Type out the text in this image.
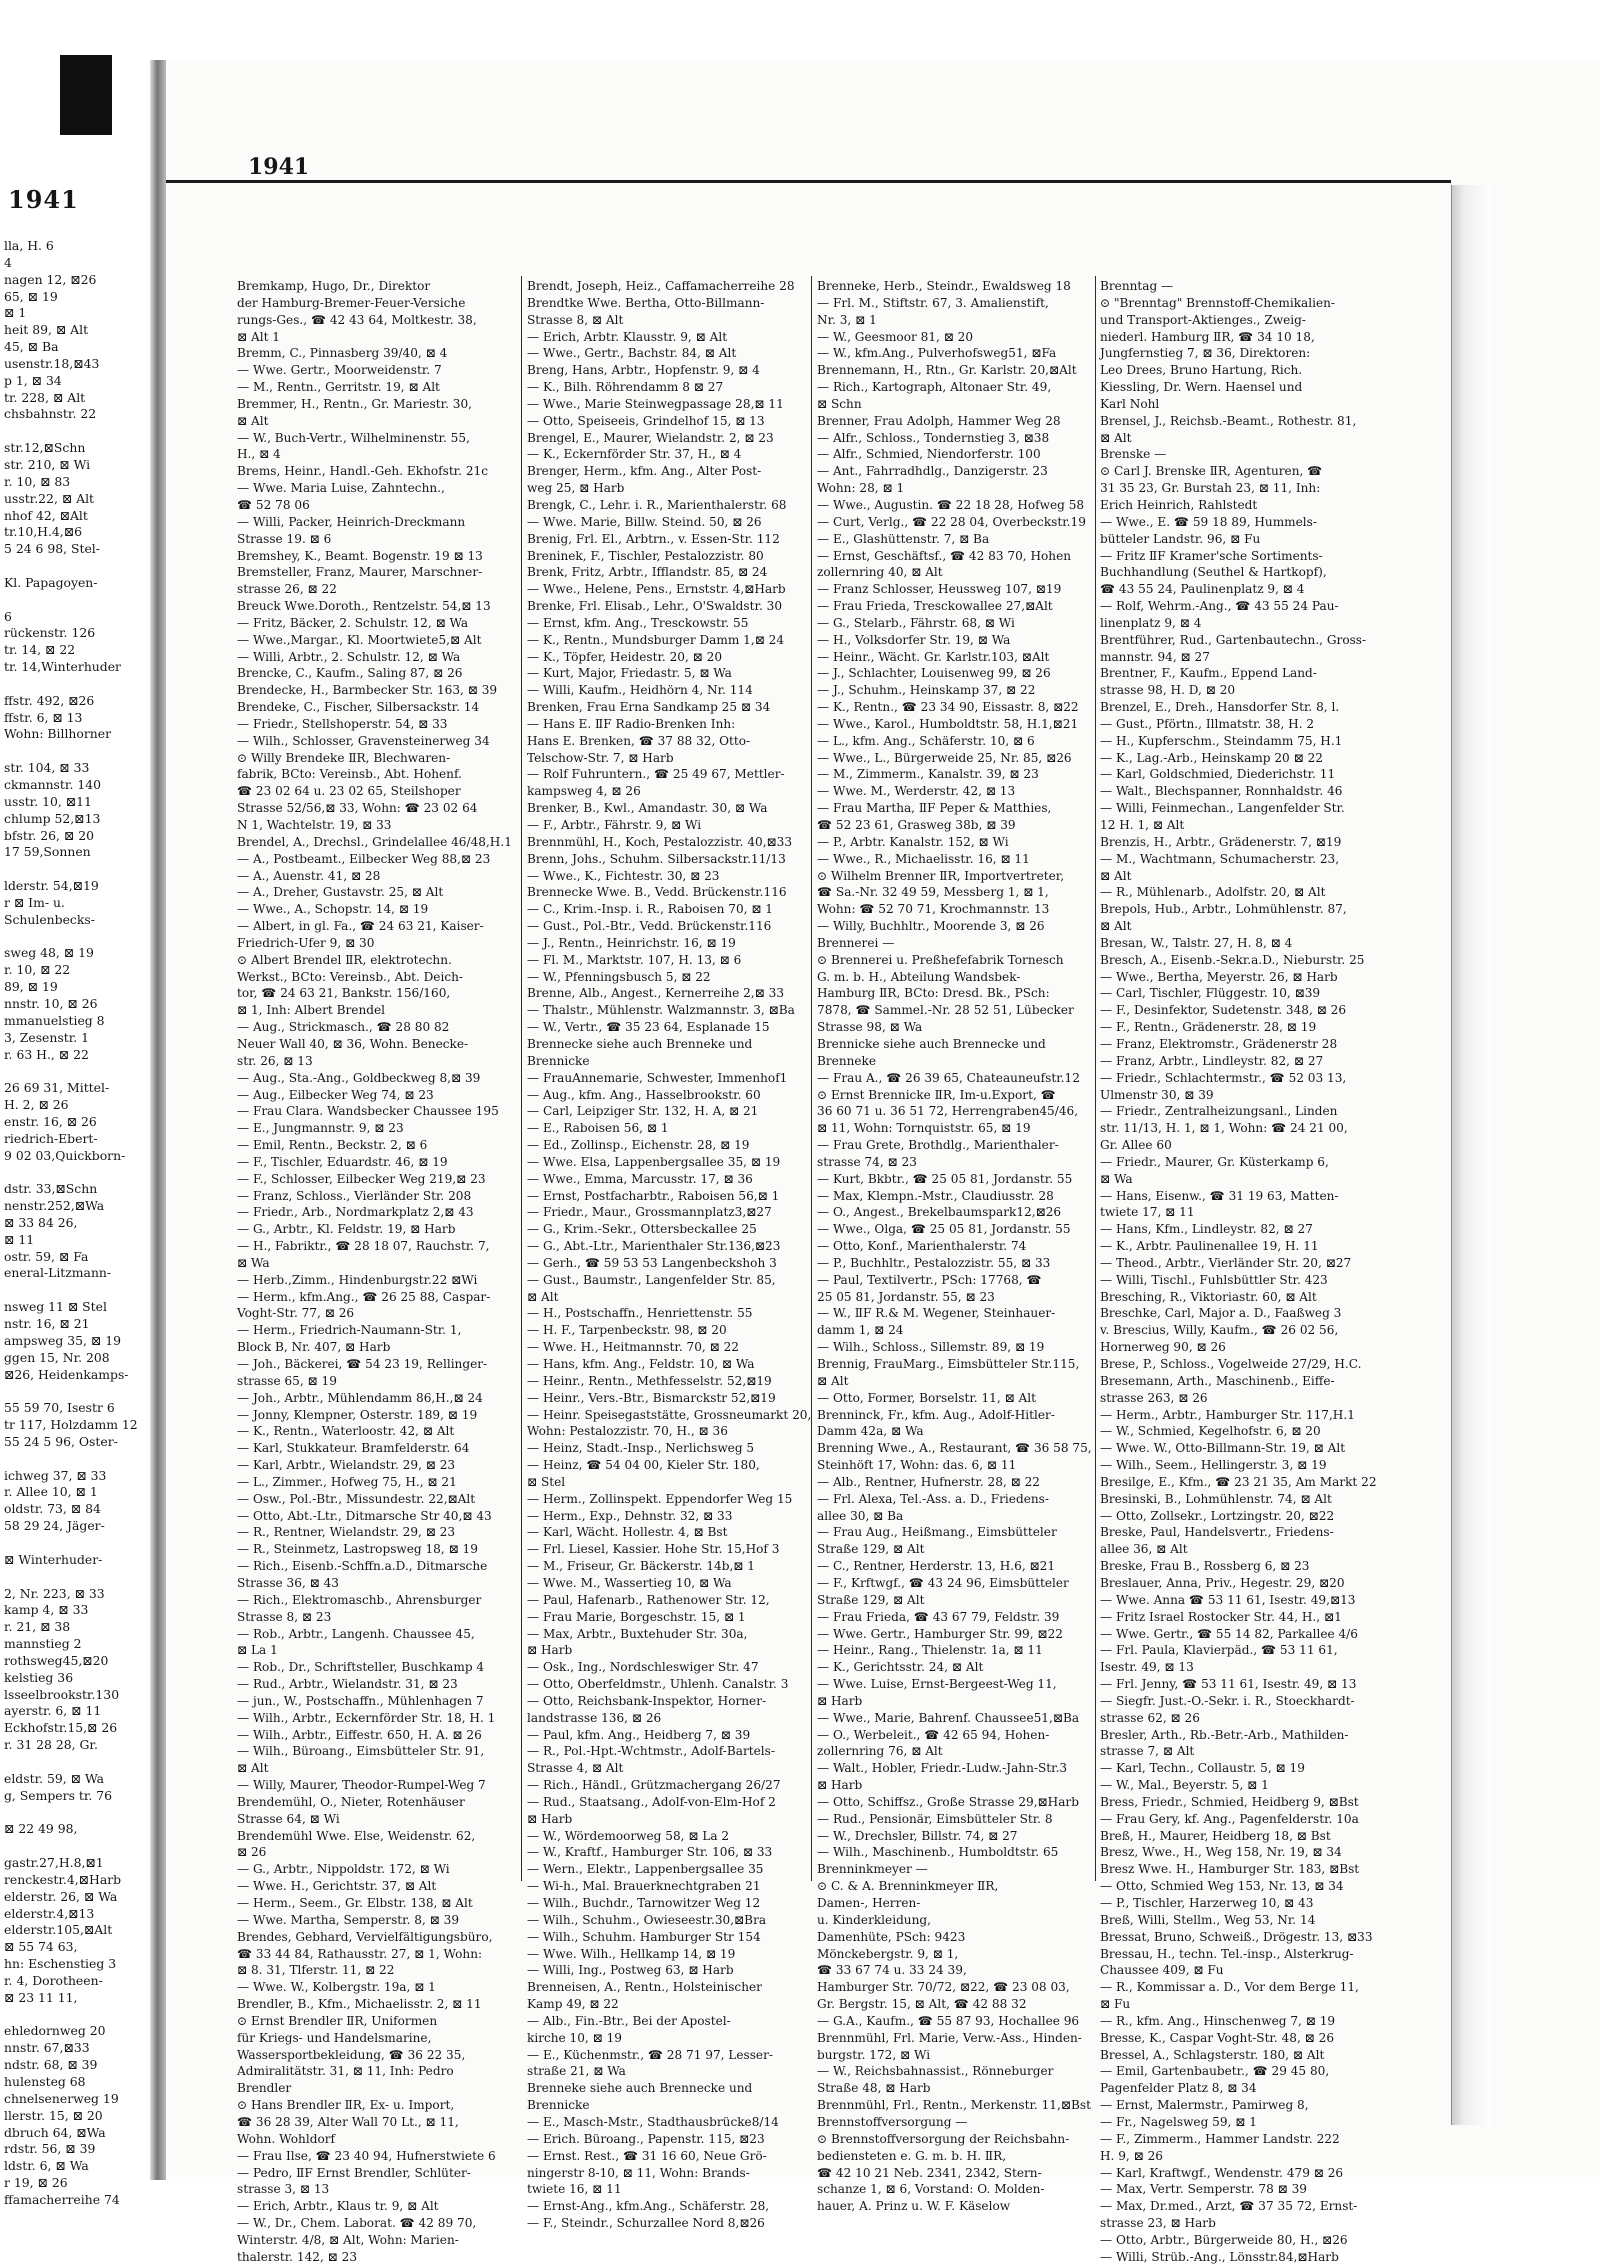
1941
lla, H. 6
4
nagen 12, ⊠26
65, ⊠ 19
⊠ 1
heit 89, ⊠ Alt
45, ⊠ Ba
usenstr.18,⊠43
p 1, ⊠ 34
tr. 228, ⊠ Alt
chsbahnstr. 22

str.12,⊠Schn
str. 210, ⊠ Wi
r. 10, ⊠ 83
usstr.22, ⊠ Alt
nhof 42, ⊠Alt
tr.10,H.4,⊠6
5 24 6 98, Stel-

Kl. Papagoyen-

6
rückenstr. 126
tr. 14, ⊠ 22
tr. 14,Winterhuder

ffstr. 492, ⊠26
ffstr. 6, ⊠ 13
Wohn: Billhorner

str. 104, ⊠ 33
ckmannstr. 140
usstr. 10, ⊠11
chlump 52,⊠13
bfstr. 26, ⊠ 20
17 59,Sonnen

lderstr. 54,⊠19
r ⊠ Im- u.
Schulenbecks-

sweg 48, ⊠ 19
r. 10, ⊠ 22
89, ⊠ 19
nnstr. 10, ⊠ 26
mmanuelstieg 8
3, Zesenstr. 1
r. 63 H., ⊠ 22

26 69 31, Mittel-
H. 2, ⊠ 26
enstr. 16, ⊠ 26
riedrich-Ebert-
9 02 03,Quickborn-

dstr. 33,⊠Schn
nenstr.252,⊠Wa
⊠ 33 84 26,
⊠ 11
ostr. 59, ⊠ Fa
eneral-Litzmann-

nsweg 11 ⊠ Stel
nstr. 16, ⊠ 21
ampsweg 35, ⊠ 19
ggen 15, Nr. 208
⊠26, Heidenkamps-

55 59 70, Isestr 6
tr 117, Holzdamm 12
55 24 5 96, Oster-

ichweg 37, ⊠ 33
r. Allee 10, ⊠ 1
oldstr. 73, ⊠ 84
58 29 24, Jäger-

⊠ Winterhuder-

2, Nr. 223, ⊠ 33
kamp 4, ⊠ 33
r. 21, ⊠ 38
mannstieg 2
rothsweg45,⊠20
kelstieg 36
lsseelbrookstr.130
ayerstr. 6, ⊠ 11
Eckhofstr.15,⊠ 26
r. 31 28 28, Gr.

eldstr. 59, ⊠ Wa
g, Sempers tr. 76

⊠ 22 49 98,

gastr.27,H.8,⊠1
renckestr.4,⊠Harb
elderstr. 26, ⊠ Wa
elderstr.4,⊠13
elderstr.105,⊠Alt
⊠ 55 74 63,
hn: Eschenstieg 3
r. 4, Dorotheen-
⊠ 23 11 11,

ehledornweg 20
nnstr. 67,⊠33
ndstr. 68, ⊠ 39
hulensteg 68
chnelsenerweg 19
llerstr. 15, ⊠ 20
dbruch 64, ⊠Wa
rdstr. 56, ⊠ 39
ldstr. 6, ⊠ Wa
r 19, ⊠ 26
ffamacherreihe 74
1941
Bremkamp, Hugo, Dr., Direktor
der Hamburg-Bremer-Feuer-Versiche
rungs-Ges., ☎ 42 43 64, Moltkestr. 38,
⊠ Alt 1
Bremm, C., Pinnasberg 39/40, ⊠ 4
— Wwe. Gertr., Moorweidenstr. 7
— M., Rentn., Gerritstr. 19, ⊠ Alt
Bremmer, H., Rentn., Gr. Mariestr. 30,
⊠ Alt
— W., Buch-Vertr., Wilhelminenstr. 55,
H., ⊠ 4
Brems, Heinr., Handl.-Geh. Ekhofstr. 21c
— Wwe. Maria Luise, Zahntechn.,
☎ 52 78 06
— Willi, Packer, Heinrich-Dreckmann
Strasse 19. ⊠ 6
Bremshey, K., Beamt. Bogenstr. 19 ⊠ 13
Bremsteller, Franz, Maurer, Marschner-
strasse 26, ⊠ 22
Breuck Wwe.Doroth., Rentzelstr. 54,⊠ 13
— Fritz, Bäcker, 2. Schulstr. 12, ⊠ Wa
— Wwe.,Margar., Kl. Moortwiete5,⊠ Alt
— Willi, Arbtr., 2. Schulstr. 12, ⊠ Wa
Brencke, C., Kaufm., Saling 87, ⊠ 26
Brendecke, H., Barmbecker Str. 163, ⊠ 39
Brendeke, C., Fischer, Silbersackstr. 14
— Friedr., Stellshoperstr. 54, ⊠ 33
— Wilh., Schlosser, Gravensteinerweg 34
⊙ Willy Brendeke ⅡR, Blechwaren-
fabrik, BCto: Vereinsb., Abt. Hohenf.
☎ 23 02 64 u. 23 02 65, Steilshoper
Strasse 52/56,⊠ 33, Wohn: ☎ 23 02 64
N 1, Wachtelstr. 19, ⊠ 33
Brendel, A., Drechsl., Grindelallee 46/48,H.1
— A., Postbeamt., Eilbecker Weg 88,⊠ 23
— A., Auenstr. 41, ⊠ 28
— A., Dreher, Gustavstr. 25, ⊠ Alt
— Wwe., A., Schopstr. 14, ⊠ 19
— Albert, in gl. Fa., ☎ 24 63 21, Kaiser-
Friedrich-Ufer 9, ⊠ 30
⊙ Albert Brendel ⅡR, elektrotechn.
Werkst., BCto: Vereinsb., Abt. Deich-
tor, ☎ 24 63 21, Bankstr. 156/160,
⊠ 1, Inh: Albert Brendel
— Aug., Strickmasch., ☎ 28 80 82
Neuer Wall 40, ⊠ 36, Wohn. Benecke-
str. 26, ⊠ 13
— Aug., Sta.-Ang., Goldbeckweg 8,⊠ 39
— Aug., Eilbecker Weg 74, ⊠ 23
— Frau Clara. Wandsbecker Chaussee 195
— E., Jungmannstr. 9, ⊠ 23
— Emil, Rentn., Beckstr. 2, ⊠ 6
— F., Tischler, Eduardstr. 46, ⊠ 19
— F., Schlosser, Eilbecker Weg 219,⊠ 23
— Franz, Schloss., Vierländer Str. 208
— Friedr., Arb., Nordmarkplatz 2,⊠ 43
— G., Arbtr., Kl. Feldstr. 19, ⊠ Harb
— H., Fabriktr., ☎ 28 18 07, Rauchstr. 7,
⊠ Wa
— Herb.,Zimm., Hindenburgstr.22 ⊠Wi
— Herm., kfm.Ang., ☎ 26 25 88, Caspar-
Voght-Str. 77, ⊠ 26
— Herm., Friedrich-Naumann-Str. 1,
Block B, Nr. 407, ⊠ Harb
— Joh., Bäckerei, ☎ 54 23 19, Rellinger-
strasse 65, ⊠ 19
— Joh., Arbtr., Mühlendamm 86,H.,⊠ 24
— Jonny, Klempner, Osterstr. 189, ⊠ 19
— K., Rentn., Waterloostr. 42, ⊠ Alt
— Karl, Stukkateur. Bramfelderstr. 64
— Karl, Arbtr., Wielandstr. 29, ⊠ 23
— L., Zimmer., Hofweg 75, H., ⊠ 21
— Osw., Pol.-Btr., Missundestr. 22,⊠Alt
— Otto, Abt.-Ltr., Ditmarsche Str 40,⊠ 43
— R., Rentner, Wielandstr. 29, ⊠ 23
— R., Steinmetz, Lastropsweg 18, ⊠ 19
— Rich., Eisenb.-Schffn.a.D., Ditmarsche
Strasse 36, ⊠ 43
— Rich., Elektromaschb., Ahrensburger
Strasse 8, ⊠ 23
— Rob., Arbtr., Langenh. Chaussee 45,
⊠ La 1
— Rob., Dr., Schriftsteller, Buschkamp 4
— Rud., Arbtr., Wielandstr. 31, ⊠ 23
— jun., W., Postschaffn., Mühlenhagen 7
— Wilh., Arbtr., Eckernförder Str. 18, H. 1
— Wilh., Arbtr., Eiffestr. 650, H. A. ⊠ 26
— Wilh., Büroang., Eimsbütteler Str. 91,
⊠ Alt
— Willy, Maurer, Theodor-Rumpel-Weg 7
Brendemühl, O., Nieter, Rotenhäuser
Strasse 64, ⊠ Wi
Brendemühl Wwe. Else, Weidenstr. 62,
⊠ 26
— G., Arbtr., Nippoldstr. 172, ⊠ Wi
— Wwe. H., Gerichtstr. 37, ⊠ Alt
— Herm., Seem., Gr. Elbstr. 138, ⊠ Alt
— Wwe. Martha, Semperstr. 8, ⊠ 39
Brendes, Gebhard, Vervielfältigungsbüro,
☎ 33 44 84, Rathausstr. 27, ⊠ 1, Wohn:
⊠ 8. 31, Tlferstr. 11, ⊠ 22
— Wwe. W., Kolbergstr. 19a, ⊠ 1
Brendler, B., Kfm., Michaelisstr. 2, ⊠ 11
⊙ Ernst Brendler ⅡR, Uniformen
für Kriegs- und Handelsmarine,
Wassersportbekleidung, ☎ 36 22 35,
Admiralitätstr. 31, ⊠ 11, Inh: Pedro
Brendler
⊙ Hans Brendler ⅡR, Ex- u. Import,
☎ 36 28 39, Alter Wall 70 Lt., ⊠ 11,
Wohn. Wohldorf
— Frau Ilse, ☎ 23 40 94, Hufnerstwiete 6
— Pedro, ⅡF Ernst Brendler, Schlüter-
strasse 3, ⊠ 13
— Erich, Arbtr., Klaus tr. 9, ⊠ Alt
— W., Dr., Chem. Laborat. ☎ 42 89 70,
Winterstr. 4/8, ⊠ Alt, Wohn: Marien-
thalerstr. 142, ⊠ 23
Brendt, Joseph, Heiz., Caffamacherreihe 28
Brendtke Wwe. Bertha, Otto-Billmann-
Strasse 8, ⊠ Alt
— Erich, Arbtr. Klausstr. 9, ⊠ Alt
— Wwe., Gertr., Bachstr. 84, ⊠ Alt
Breng, Hans, Arbtr., Hopfenstr. 9, ⊠ 4
— K., Bilh. Röhrendamm 8 ⊠ 27
— Wwe., Marie Steinwegpassage 28,⊠ 11
— Otto, Speiseeis, Grindelhof 15, ⊠ 13
Brengel, E., Maurer, Wielandstr. 2, ⊠ 23
— K., Eckernförder Str. 37, H., ⊠ 4
Brenger, Herm., kfm. Ang., Alter Post-
weg 25, ⊠ Harb
Brengk, C., Lehr. i. R., Marienthalerstr. 68
— Wwe. Marie, Billw. Steind. 50, ⊠ 26
Brenig, Frl. El., Arbtrn., v. Essen-Str. 112
Breninek, F., Tischler, Pestalozzistr. 80
Brenk, Fritz, Arbtr., Ifflandstr. 85, ⊠ 24
— Wwe., Helene, Pens., Ernststr. 4,⊠Harb
Brenke, Frl. Elisab., Lehr., O'Swaldstr. 30
— Ernst, kfm. Ang., Tresckowstr. 55
— K., Rentn., Mundsburger Damm 1,⊠ 24
— K., Töpfer, Heidestr. 20, ⊠ 20
— Kurt, Major, Friedastr. 5, ⊠ Wa
— Willi, Kaufm., Heidhörn 4, Nr. 114
Brenken, Frau Erna Sandkamp 25 ⊠ 34
— Hans E. ⅡF Radio-Brenken Inh:
Hans E. Brenken, ☎ 37 88 32, Otto-
Telschow-Str. 7, ⊠ Harb
— Rolf Fuhruntern., ☎ 25 49 67, Mettler-
kampsweg 4, ⊠ 26
Brenker, B., Kwl., Amandastr. 30, ⊠ Wa
— F., Arbtr., Fährstr. 9, ⊠ Wi
Brennmühl, H., Koch, Pestalozzistr. 40,⊠33
Brenn, Johs., Schuhm. Silbersackstr.11/13
— Wwe., K., Fichtestr. 30, ⊠ 23
Brennecke Wwe. B., Vedd. Brückenstr.116
— C., Krim.-Insp. i. R., Raboisen 70, ⊠ 1
— Gust., Pol.-Btr., Vedd. Brückenstr.116
— J., Rentn., Heinrichstr. 16, ⊠ 19
— Fl. M., Marktstr. 107, H. 13, ⊠ 6
— W., Pfenningsbusch 5, ⊠ 22
Brenne, Alb., Angest., Kernerreihe 2,⊠ 33
— Thalstr., Mühlenstr. Walzmannstr. 3, ⊠Ba
— W., Vertr., ☎ 35 23 64, Esplanade 15
Brennecke siehe auch Brenneke und
Brennicke
— FrauAnnemarie, Schwester, Immenhof1
— Aug., kfm. Ang., Hasselbrookstr. 60
— Carl, Leipziger Str. 132, H. A, ⊠ 21
— E., Raboisen 56, ⊠ 1
— Ed., Zollinsp., Eichenstr. 28, ⊠ 19
— Wwe. Elsa, Lappenbergsallee 35, ⊠ 19
— Wwe., Emma, Marcusstr. 17, ⊠ 36
— Ernst, Postfacharbtr., Raboisen 56,⊠ 1
— Friedr., Maur., Grossmannplatz3,⊠27
— G., Krim.-Sekr., Ottersbeckallee 25
— G., Abt.-Ltr., Marienthaler Str.136,⊠23
— Gerh., ☎ 59 53 53 Langenbeckshoh 3
— Gust., Baumstr., Langenfelder Str. 85,
⊠ Alt
— H., Postschaffn., Henriettenstr. 55
— H. F., Tarpenbeckstr. 98, ⊠ 20
— Wwe. H., Heitmannstr. 70, ⊠ 22
— Hans, kfm. Ang., Feldstr. 10, ⊠ Wa
— Heinr., Rentn., Methfesselstr. 52,⊠19
— Heinr., Vers.-Btr., Bismarckstr 52,⊠19
— Heinr. Speisegaststätte, Grossneumarkt 20,
Wohn: Pestalozzistr. 70, H., ⊠ 36
— Heinz, Stadt.-Insp., Nerlichsweg 5
— Heinz, ☎ 54 04 00, Kieler Str. 180,
⊠ Stel
— Herm., Zollinspekt. Eppendorfer Weg 15
— Herm., Exp., Dehnstr. 32, ⊠ 33
— Karl, Wächt. Hollestr. 4, ⊠ Bst
— Frl. Liesel, Kassier. Hohe Str. 15,Hof 3
— M., Friseur, Gr. Bäckerstr. 14b,⊠ 1
— Wwe. M., Wassertieg 10, ⊠ Wa
— Paul, Hafenarb., Rathenower Str. 12,
— Frau Marie, Borgeschstr. 15, ⊠ 1
— Max, Arbtr., Buxtehuder Str. 30a,
⊠ Harb
— Osk., Ing., Nordschleswiger Str. 47
— Otto, Oberfeldmstr., Uhlenh. Canalstr. 3
— Otto, Reichsbank-Inspektor, Horner-
landstrasse 136, ⊠ 26
— Paul, kfm. Ang., Heidberg 7, ⊠ 39
— R., Pol.-Hpt.-Wchtmstr., Adolf-Bartels-
Strasse 4, ⊠ Alt
— Rich., Händl., Grützmachergang 26/27
— Rud., Staatsang., Adolf-von-Elm-Hof 2
⊠ Harb
— W., Wördemoorweg 58, ⊠ La 2
— W., Kraftf., Hamburger Str. 106, ⊠ 33
— Wern., Elektr., Lappenbergsallee 35
— Wi-h., Mal. Brauerknechtgraben 21
— Wilh., Buchdr., Tarnowitzer Weg 12
— Wilh., Schuhm., Owieseestr.30,⊠Bra
— Wilh., Schuhm. Hamburger Str 154
— Wwe. Wilh., Hellkamp 14, ⊠ 19
— Willi, Ing., Postweg 63, ⊠ Harb
Brenneisen, A., Rentn., Holsteinischer
Kamp 49, ⊠ 22
— Alb., Fin.-Btr., Bei der Apostel-
kirche 10, ⊠ 19
— E., Küchenmstr., ☎ 28 71 97, Lesser-
straße 21, ⊠ Wa
Brenneke siehe auch Brennecke und
Brennicke
— E., Masch-Mstr., Stadthausbrücke8/14
— Erich. Büroang., Papenstr. 115, ⊠23
— Ernst. Rest., ☎ 31 16 60, Neue Grö-
ningerstr 8-10, ⊠ 11, Wohn: Brands-
twiete 16, ⊠ 11
— Ernst-Ang., kfm.Ang., Schäferstr. 28,
— F., Steindr., Schurzallee Nord 8,⊠26
Brenneke, Herb., Steindr., Ewaldsweg 18
— Frl. M., Stiftstr. 67, 3. Amalienstift,
Nr. 3, ⊠ 1
— W., Geesmoor 81, ⊠ 20
— W., kfm.Ang., Pulverhofsweg51, ⊠Fa
Brennemann, H., Rtn., Gr. Karlstr. 20,⊠Alt
— Rich., Kartograph, Altonaer Str. 49,
⊠ Schn
Brenner, Frau Adolph, Hammer Weg 28
— Alfr., Schloss., Tondernstieg 3, ⊠38
— Alfr., Schmied, Niendorferstr. 100
— Ant., Fahrradhdlg., Danzigerstr. 23
Wohn: 28, ⊠ 1
— Wwe., Augustin. ☎ 22 18 28, Hofweg 58
— Curt, Verlg., ☎ 22 28 04, Overbeckstr.19
— E., Glashüttenstr. 7, ⊠ Ba
— Ernst, Geschäftsf., ☎ 42 83 70, Hohen
zollernring 40, ⊠ Alt
— Franz Schlosser, Heussweg 107, ⊠19
— Frau Frieda, Tresckowallee 27,⊠Alt
— G., Stelarb., Fährstr. 68, ⊠ Wi
— H., Volksdorfer Str. 19, ⊠ Wa
— Heinr., Wächt. Gr. Karlstr.103, ⊠Alt
— J., Schlachter, Louisenweg 99, ⊠ 26
— J., Schuhm., Heinskamp 37, ⊠ 22
— K., Rentn., ☎ 23 34 90, Eissastr. 8, ⊠22
— Wwe., Karol., Humboldtstr. 58, H.1,⊠21
— L., kfm. Ang., Schäferstr. 10, ⊠ 6
— Wwe., L., Bürgerweide 25, Nr. 85, ⊠26
— M., Zimmerm., Kanalstr. 39, ⊠ 23
— Wwe. M., Werderstr. 42, ⊠ 13
— Frau Martha, ⅡF Peper & Matthies,
☎ 52 23 61, Grasweg 38b, ⊠ 39
— P., Arbtr. Kanalstr. 152, ⊠ Wi
— Wwe., R., Michaelisstr. 16, ⊠ 11
⊙ Wilhelm Brenner ⅡR, Importvertreter,
☎ Sa.-Nr. 32 49 59, Messberg 1, ⊠ 1,
Wohn: ☎ 52 70 71, Krochmannstr. 13
— Willy, Buchhltr., Moorende 3, ⊠ 26
Brennerei —
⊙ Brennerei u. Preßhefefabrik Tornesch
G. m. b. H., Abteilung Wandsbek-
Hamburg ⅡR, BCto: Dresd. Bk., PSch:
7878, ☎ Sammel.-Nr. 28 52 51, Lübecker
Strasse 98, ⊠ Wa
Brennicke siehe auch Brennecke und
Brenneke
— Frau A., ☎ 26 39 65, Chateauneufstr.12
⊙ Ernst Brennicke ⅡR, Im-u.Export, ☎
36 60 71 u. 36 51 72, Herrengraben45/46,
⊠ 11, Wohn: Tornquiststr. 65, ⊠ 19
— Frau Grete, Brothdlg., Marienthaler-
strasse 74, ⊠ 23
— Kurt, Bkbtr., ☎ 25 05 81, Jordanstr. 55
— Max, Klempn.-Mstr., Claudiusstr. 28
— O., Angest., Brekelbaumspark12,⊠26
— Wwe., Olga, ☎ 25 05 81, Jordanstr. 55
— Otto, Konf., Marienthalerstr. 74
— P., Buchhltr., Pestalozzistr. 55, ⊠ 33
— Paul, Textilvertr., PSch: 17768, ☎
25 05 81, Jordanstr. 55, ⊠ 23
— W., ⅡF R.& M. Wegener, Steinhauer-
damm 1, ⊠ 24
— Wilh., Schloss., Sillemstr. 89, ⊠ 19
Brennig, FrauMarg., Eimsbütteler Str.115,
⊠ Alt
— Otto, Former, Borselstr. 11, ⊠ Alt
Brenninck, Fr., kfm. Aug., Adolf-Hitler-
Damm 42a, ⊠ Wa
Brenning Wwe., A., Restaurant, ☎ 36 58 75,
Steinhöft 17, Wohn: das. 6, ⊠ 11
— Alb., Rentner, Hufnerstr. 28, ⊠ 22
— Frl. Alexa, Tel.-Ass. a. D., Friedens-
allee 30, ⊠ Ba
— Frau Aug., Heißmang., Eimsbütteler
Straße 129, ⊠ Alt
— C., Rentner, Herderstr. 13, H.6, ⊠21
— F., Krftwgf., ☎ 43 24 96, Eimsbütteler
Straße 129, ⊠ Alt
— Frau Frieda, ☎ 43 67 79, Feldstr. 39
— Wwe. Gertr., Hamburger Str. 99, ⊠22
— Heinr., Rang., Thielenstr. 1a, ⊠ 11
— K., Gerichtsstr. 24, ⊠ Alt
— Wwe. Luise, Ernst-Bergeest-Weg 11,
⊠ Harb
— Wwe., Marie, Bahrenf. Chaussee51,⊠Ba
— O., Werbeleit., ☎ 42 65 94, Hohen-
zollernring 76, ⊠ Alt
— Walt., Hobler, Friedr.-Ludw.-Jahn-Str.3
⊠ Harb
— Otto, Schiffsz., Große Strasse 29,⊠Harb
— Rud., Pensionär, Eimsbütteler Str. 8
— W., Drechsler, Billstr. 74, ⊠ 27
— Wilh., Maschinenb., Humboldtstr. 65
Brenninkmeyer —
⊙ C. & A. Brenninkmeyer ⅡR,
Damen-, Herren-
u. Kinderkleidung,
Damenhüte, PSch: 9423
Mönckebergstr. 9, ⊠ 1,
☎ 33 67 74 u. 33 24 39,
Hamburger Str. 70/72, ⊠22, ☎ 23 08 03,
Gr. Bergstr. 15, ⊠ Alt, ☎ 42 88 32
— G.A., Kaufm., ☎ 55 87 93, Hochallee 96
Brennmühl, Frl. Marie, Verw.-Ass., Hinden-
burgstr. 172, ⊠ Wi
— W., Reichsbahnassist., Rönneburger
Straße 48, ⊠ Harb
Brennmühl, Frl., Rentn., Merkenstr. 11,⊠Bst
Brennstoffversorgung —
⊙ Brennstoffversorgung der Reichsbahn-
bediensteten e. G. m. b. H. ⅡR,
☎ 42 10 21 Neb. 2341, 2342, Stern-
schanze 1, ⊠ 6, Vorstand: O. Molden-
hauer, A. Prinz u. W. F. Käselow
Brenntag —
⊙ "Brenntag" Brennstoff-Chemikalien-
und Transport-Aktienges., Zweig-
niederl. Hamburg ⅡR, ☎ 34 10 18,
Jungfernstieg 7, ⊠ 36, Direktoren:
Leo Drees, Bruno Hartung, Rich.
Kiessling, Dr. Wern. Haensel und
Karl Nohl
Brensel, J., Reichsb.-Beamt., Rothestr. 81,
⊠ Alt
Brenske —
⊙ Carl J. Brenske ⅡR, Agenturen, ☎
31 35 23, Gr. Burstah 23, ⊠ 11, Inh:
Erich Heinrich, Rahlstedt
— Wwe., E. ☎ 59 18 89, Hummels-
bütteler Landstr. 96, ⊠ Fu
— Fritz ⅡF Kramer'sche Sortiments-
Buchhandlung (Seuthel & Hartkopf),
☎ 43 55 24, Paulinenplatz 9, ⊠ 4
— Rolf, Wehrm.-Ang., ☎ 43 55 24 Pau-
linenplatz 9, ⊠ 4
Brentführer, Rud., Gartenbautechn., Gross-
mannstr. 94, ⊠ 27
Brentner, F., Kaufm., Eppend Land-
strasse 98, H. D, ⊠ 20
Brenzel, E., Dreh., Hansdorfer Str. 8, l.
— Gust., Pförtn., Illmatstr. 38, H. 2
— H., Kupferschm., Steindamm 75, H.1
— K., Lag.-Arb., Heinskamp 20 ⊠ 22
— Karl, Goldschmied, Diederichstr. 11
— Walt., Blechspanner, Ronnhaldstr. 46
— Willi, Feinmechan., Langenfelder Str.
12 H. 1, ⊠ Alt
Brenzis, H., Arbtr., Grädenerstr. 7, ⊠19
— M., Wachtmann, Schumacherstr. 23,
⊠ Alt
— R., Mühlenarb., Adolfstr. 20, ⊠ Alt
Brepols, Hub., Arbtr., Lohmühlenstr. 87,
⊠ Alt
Bresan, W., Talstr. 27, H. 8, ⊠ 4
Bresch, A., Eisenb.-Sekr.a.D., Nieburstr. 25
— Wwe., Bertha, Meyerstr. 26, ⊠ Harb
— Carl, Tischler, Flüggestr. 10, ⊠39
— F., Desinfektor, Sudetenstr. 348, ⊠ 26
— F., Rentn., Grädenerstr. 28, ⊠ 19
— Franz, Elektromstr., Grädenerstr 28
— Franz, Arbtr., Lindleystr. 82, ⊠ 27
— Friedr., Schlachtermstr., ☎ 52 03 13,
Ulmenstr 30, ⊠ 39
— Friedr., Zentralheizungsanl., Linden
str. 11/13, H. 1, ⊠ 1, Wohn: ☎ 24 21 00,
Gr. Allee 60
— Friedr., Maurer, Gr. Küsterkamp 6,
⊠ Wa
— Hans, Eisenw., ☎ 31 19 63, Matten-
twiete 17, ⊠ 11
— Hans, Kfm., Lindleystr. 82, ⊠ 27
— K., Arbtr. Paulinenallee 19, H. 11
— Theod., Arbtr., Vierländer Str. 20, ⊠27
— Willi, Tischl., Fuhlsbüttler Str. 423
Bresching, R., Viktoriastr. 60, ⊠ Alt
Breschke, Carl, Major a. D., Faaßweg 3
v. Brescius, Willy, Kaufm., ☎ 26 02 56,
Hornerweg 90, ⊠ 26
Brese, P., Schloss., Vogelweide 27/29, H.C.
Bresemann, Arth., Maschinenb., Eiffe-
strasse 263, ⊠ 26
— Herm., Arbtr., Hamburger Str. 117,H.1
— W., Schmied, Kegelhofstr. 6, ⊠ 20
— Wwe. W., Otto-Billmann-Str. 19, ⊠ Alt
— Wilh., Seem., Hellingerstr. 3, ⊠ 19
Bresilge, E., Kfm., ☎ 23 21 35, Am Markt 22
Bresinski, B., Lohmühlenstr. 74, ⊠ Alt
— Otto, Zollsekr., Lortzingstr. 20, ⊠22
Breske, Paul, Handelsvertr., Friedens-
allee 36, ⊠ Alt
Breske, Frau B., Rossberg 6, ⊠ 23
Breslauer, Anna, Priv., Hegestr. 29, ⊠20
— Wwe. Anna ☎ 53 11 61, Isestr. 49,⊠13
— Fritz Israel Rostocker Str. 44, H., ⊠1
— Wwe. Gertr., ☎ 55 14 82, Parkallee 4/6
— Frl. Paula, Klavierpäd., ☎ 53 11 61,
Isestr. 49, ⊠ 13
— Frl. Jenny, ☎ 53 11 61, Isestr. 49, ⊠ 13
— Siegfr. Just.-O.-Sekr. i. R., Stoeckhardt-
strasse 62, ⊠ 26
Bresler, Arth., Rb.-Betr.-Arb., Mathilden-
strasse 7, ⊠ Alt
— Karl, Techn., Collaustr. 5, ⊠ 19
— W., Mal., Beyerstr. 5, ⊠ 1
Bress, Friedr., Schmied, Heidberg 9, ⊠Bst
— Frau Gery, kf. Ang., Pagenfelderstr. 10a
Breß, H., Maurer, Heidberg 18, ⊠ Bst
Bresz, Wwe., H., Weg 158, Nr. 19, ⊠ 34
Bresz Wwe. H., Hamburger Str. 183, ⊠Bst
— Otto, Schmied Weg 153, Nr. 13, ⊠ 34
— P., Tischler, Harzerweg 10, ⊠ 43
Breß, Willi, Stellm., Weg 53, Nr. 14
Bressat, Bruno, Schweiß., Drögestr. 13, ⊠33
Bressau, H., techn. Tel.-insp., Alsterkrug-
Chaussee 409, ⊠ Fu
— R., Kommissar a. D., Vor dem Berge 11,
⊠ Fu
— R., kfm. Ang., Hinschenweg 7, ⊠ 19
Bresse, K., Caspar Voght-Str. 48, ⊠ 26
Bressel, A., Schlagsterstr. 180, ⊠ Alt
— Emil, Gartenbaubetr., ☎ 29 45 80,
Pagenfelder Platz 8, ⊠ 34
— Ernst, Malermstr., Pamirweg 8,
— Fr., Nagelsweg 59, ⊠ 1
— F., Zimmerm., Hammer Landstr. 222
H. 9, ⊠ 26
— Karl, Kraftwgf., Wendenstr. 479 ⊠ 26
— Max, Vertr. Semperstr. 78 ⊠ 39
— Max, Dr.med., Arzt, ☎ 37 35 72, Ernst-
strasse 23, ⊠ Harb
— Otto, Arbtr., Bürgerweide 80, H., ⊠26
— Willi, Strüb.-Ang., Lönsstr.84,⊠Harb
